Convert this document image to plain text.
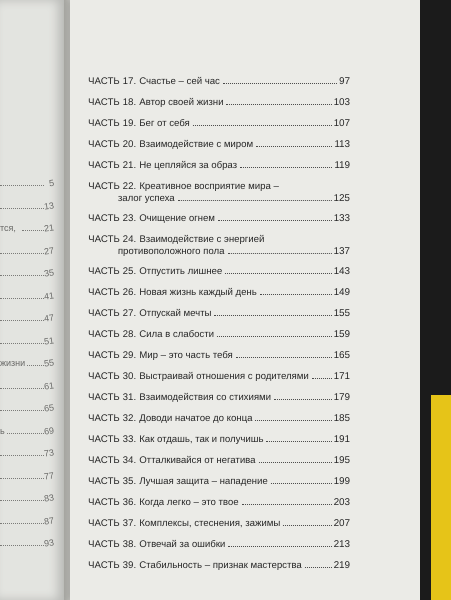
5
13
тся,	21
27
35
41
47
51
жизни 55
61
65
ь	69
73
77
83
87
93
ЧАСТЬ 17. Счастье – сей час	97
ЧАСТЬ 18. Автор своей жизни	103
ЧАСТЬ 19. Бег от себя	107
ЧАСТЬ 20. Взаимодействие с миром	113
ЧАСТЬ 21. Не цепляйся за образ	119
ЧАСТЬ 22. Креативное восприятие мира –
залог успеха	125
ЧАСТЬ 23. Очищение огнем	133
ЧАСТЬ 24. Взаимодействие с энергией
противоположного пола	137
ЧАСТЬ 25. Отпустить лишнее	143
ЧАСТЬ 26. Новая жизнь каждый день	149
ЧАСТЬ 27. Отпускай мечты	155
ЧАСТЬ 28. Сила в слабости	159
ЧАСТЬ 29. Мир – это часть тебя	165
ЧАСТЬ 30. Выстраивай отношения с родителями	171
ЧАСТЬ 31. Взаимодействия со стихиями	179
ЧАСТЬ 32. Доводи начатое до конца	185
ЧАСТЬ 33. Как отдашь, так и получишь	191
ЧАСТЬ 34. Отталкивайся от негатива	195
ЧАСТЬ 35. Лучшая защита – нападение	199
ЧАСТЬ 36. Когда легко – это твое	203
ЧАСТЬ 37. Комплексы, стеснения, зажимы	207
ЧАСТЬ 38. Отвечай за ошибки	213
ЧАСТЬ 39. Стабильность – признак мастерства	219
